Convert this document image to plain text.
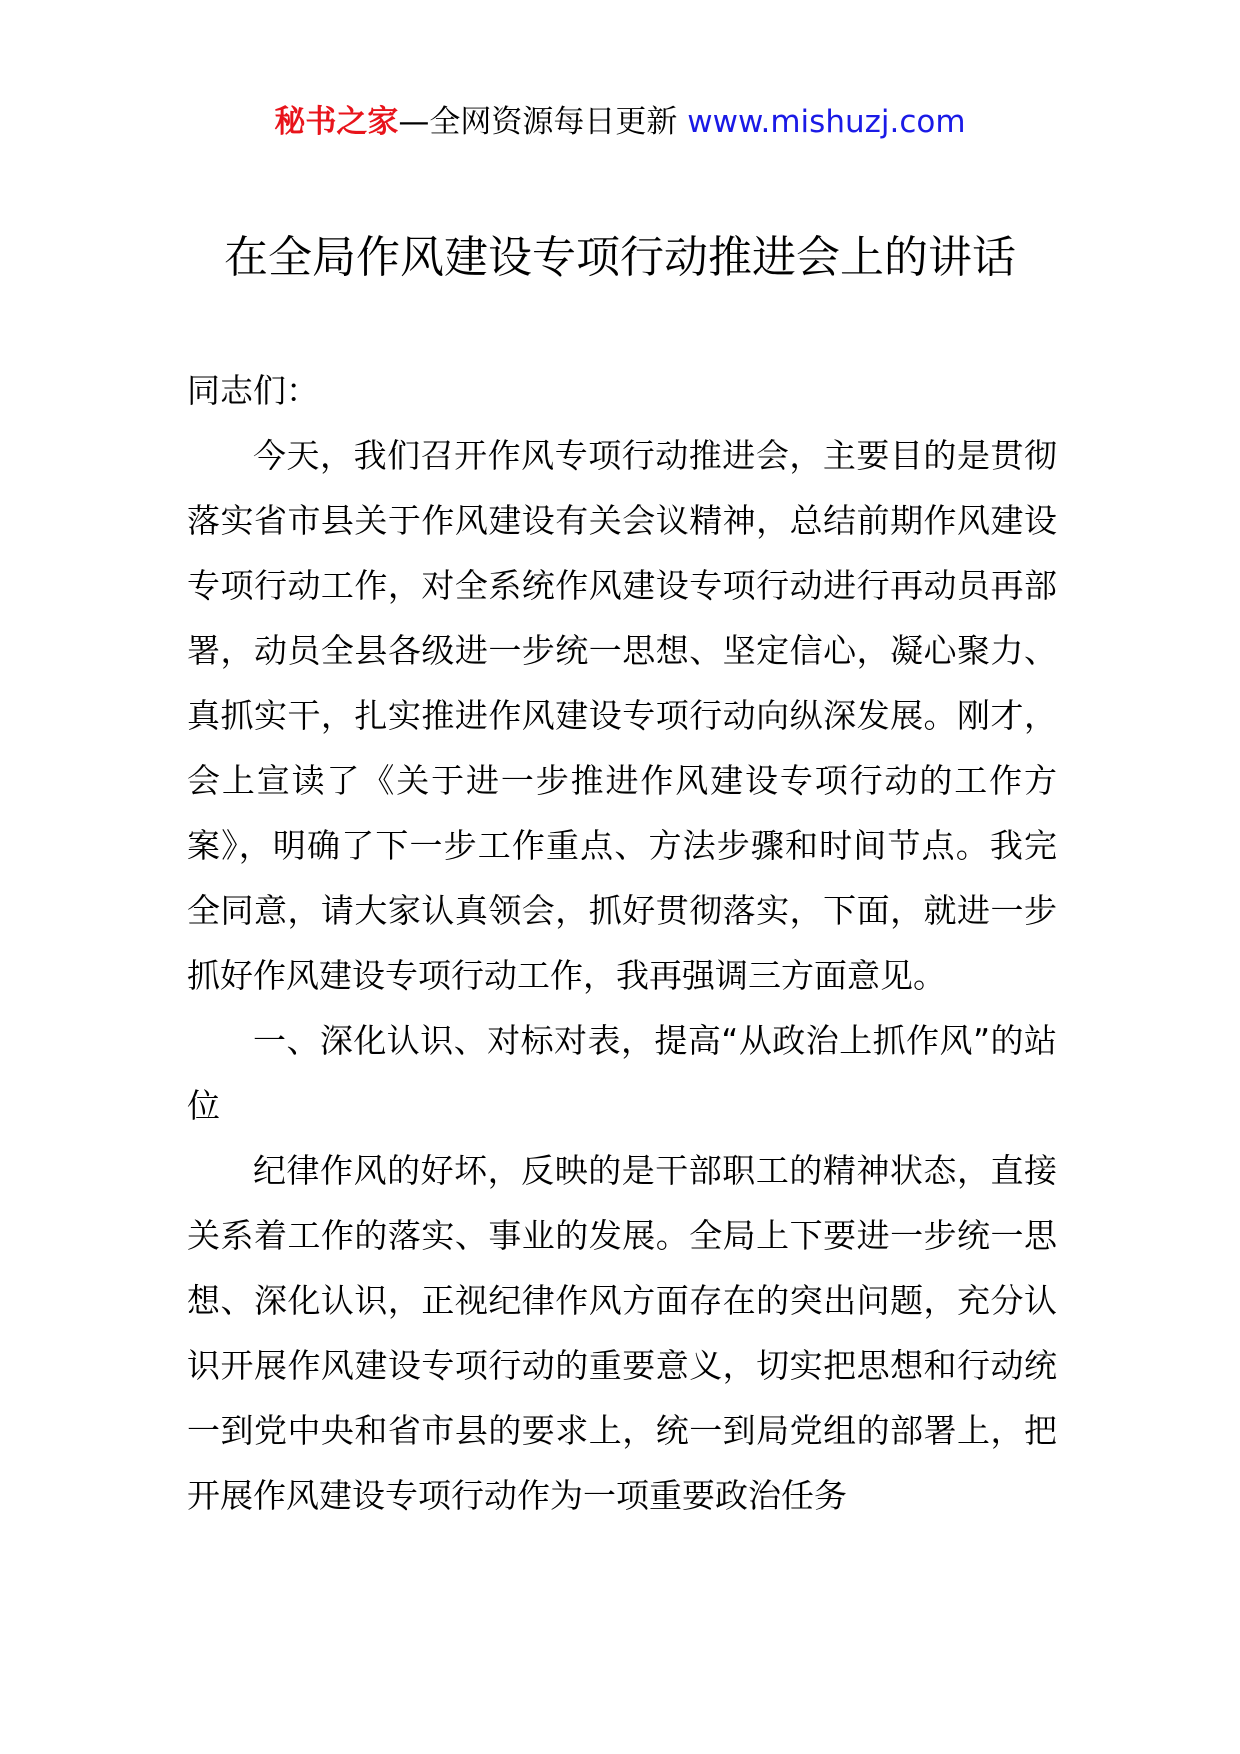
秘书之家—全网资源每日更新 www.mishuzj.com
在全局作风建设专项行动推进会上的讲话

同志们：

今天，我们召开作风专项行动推进会，主要目的是贯彻落实省市县关于作风建设有关会议精神，总结前期作风建设专项行动工作，对全系统作风建设专项行动进行再动员再部署，动员全县各级进一步统一思想、坚定信心，凝心聚力、真抓实干，扎实推进作风建设专项行动向纵深发展。刚才，会上宣读了《关于进一步推进作风建设专项行动的工作方案》，明确了下一步工作重点、方法步骤和时间节点。我完全同意，请大家认真领会，抓好贯彻落实，下面，就进一步抓好作风建设专项行动工作，我再强调三方面意见。

一、深化认识、对标对表，提高“从政治上抓作风”的站位

纪律作风的好坏，反映的是干部职工的精神状态，直接关系着工作的落实、事业的发展。全局上下要进一步统一思想、深化认识，正视纪律作风方面存在的突出问题，充分认识开展作风建设专项行动的重要意义，切实把思想和行动统一到党中央和省市县的要求上，统一到局党组的部署上，把开展作风建设专项行动作为一项重要政治任务
